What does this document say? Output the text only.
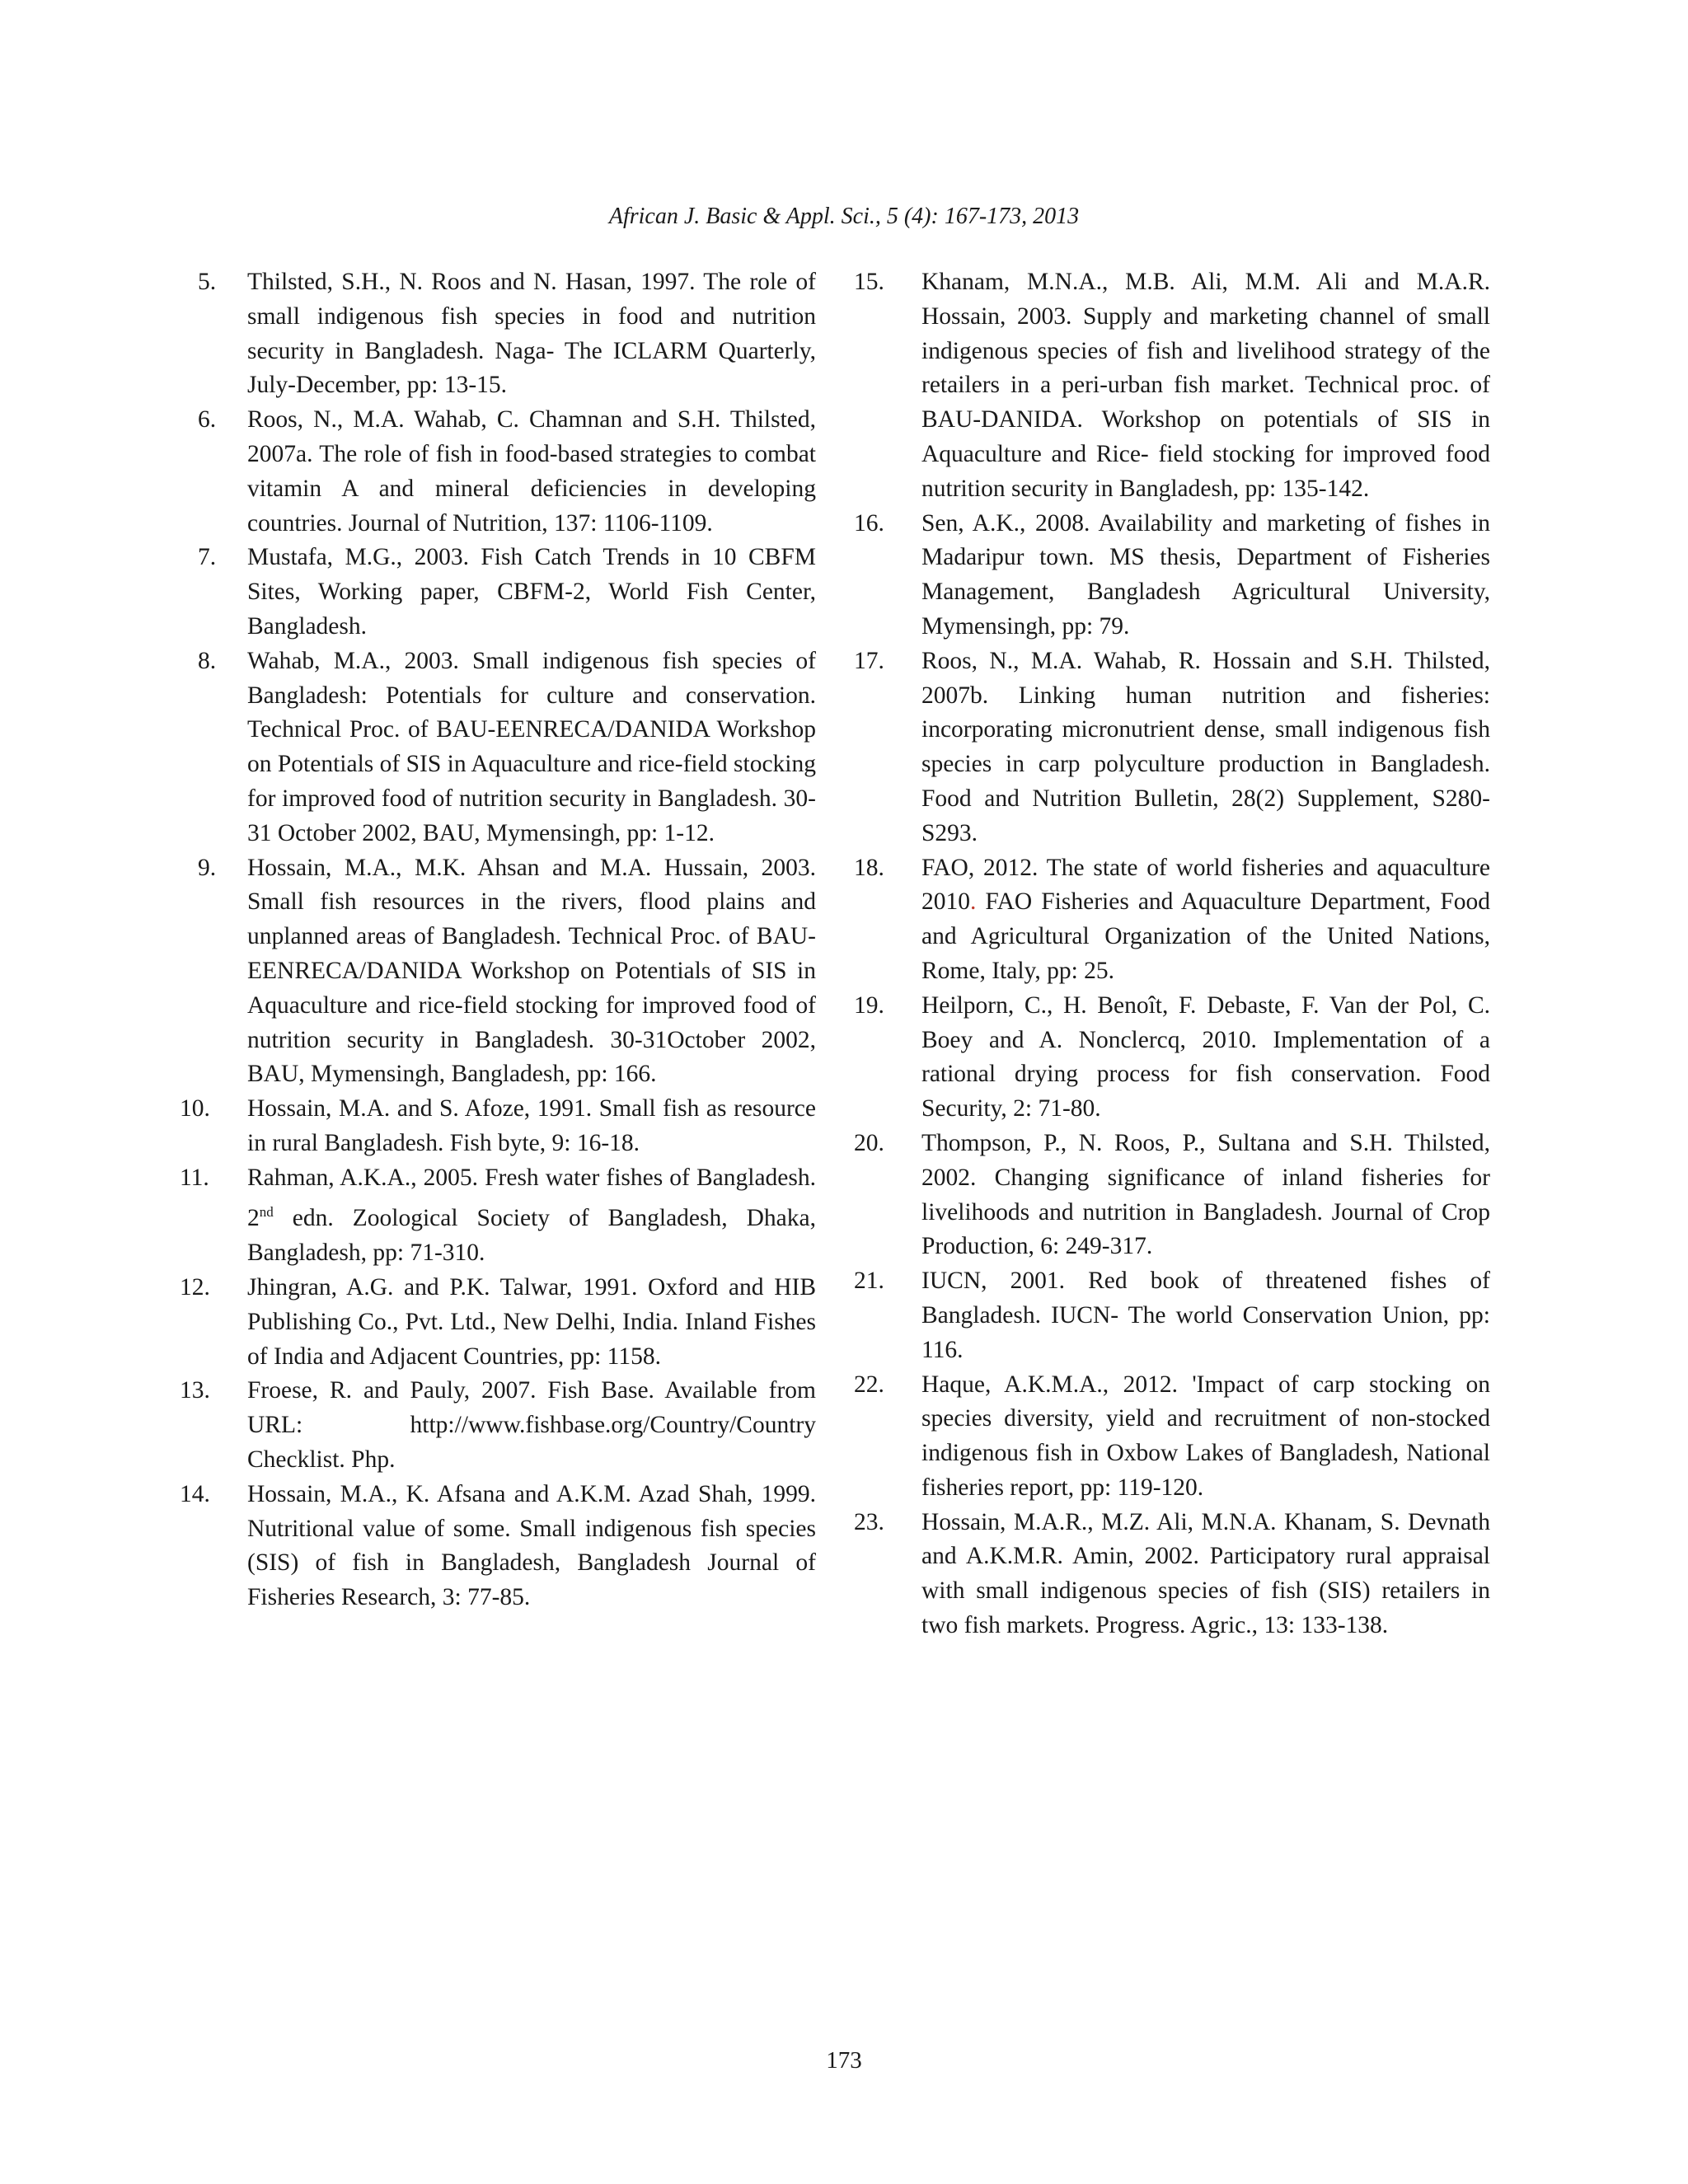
African J. Basic & Appl. Sci., 5 (4): 167-173, 2013
5. Thilsted, S.H., N. Roos and N. Hasan, 1997. The role of small indigenous fish species in food and nutrition security in Bangladesh. Naga- The ICLARM Quarterly, July-December, pp: 13-15.
6. Roos, N., M.A. Wahab, C. Chamnan and S.H. Thilsted, 2007a. The role of fish in food-based strategies to combat vitamin A and mineral deficiencies in developing countries. Journal of Nutrition, 137: 1106-1109.
7. Mustafa, M.G., 2003. Fish Catch Trends in 10 CBFM Sites, Working paper, CBFM-2, World Fish Center, Bangladesh.
8. Wahab, M.A., 2003. Small indigenous fish species of Bangladesh: Potentials for culture and conservation. Technical Proc. of BAU-EENRECA/DANIDA Workshop on Potentials of SIS in Aquaculture and rice-field stocking for improved food of nutrition security in Bangladesh. 30-31 October 2002, BAU, Mymensingh, pp: 1-12.
9. Hossain, M.A., M.K. Ahsan and M.A. Hussain, 2003. Small fish resources in the rivers, flood plains and unplanned areas of Bangladesh. Technical Proc. of BAU-EENRECA/DANIDA Workshop on Potentials of SIS in Aquaculture and rice-field stocking for improved food of nutrition security in Bangladesh. 30-31October 2002, BAU, Mymensingh, Bangladesh, pp: 166.
10. Hossain, M.A. and S. Afoze, 1991. Small fish as resource in rural Bangladesh. Fish byte, 9: 16-18.
11. Rahman, A.K.A., 2005. Fresh water fishes of Bangladesh. 2nd edn. Zoological Society of Bangladesh, Dhaka, Bangladesh, pp: 71-310.
12. Jhingran, A.G. and P.K. Talwar, 1991. Oxford and HIB Publishing Co., Pvt. Ltd., New Delhi, India. Inland Fishes of India and Adjacent Countries, pp: 1158.
13. Froese, R. and Pauly, 2007. Fish Base. Available from URL: http://www.fishbase.org/Country/Country Checklist. Php.
14. Hossain, M.A., K. Afsana and A.K.M. Azad Shah, 1999. Nutritional value of some. Small indigenous fish species (SIS) of fish in Bangladesh, Bangladesh Journal of Fisheries Research, 3: 77-85.
15. Khanam, M.N.A., M.B. Ali, M.M. Ali and M.A.R. Hossain, 2003. Supply and marketing channel of small indigenous species of fish and livelihood strategy of the retailers in a peri-urban fish market. Technical proc. of BAU-DANIDA. Workshop on potentials of SIS in Aquaculture and Rice- field stocking for improved food nutrition security in Bangladesh, pp: 135-142.
16. Sen, A.K., 2008. Availability and marketing of fishes in Madaripur town. MS thesis, Department of Fisheries Management, Bangladesh Agricultural University, Mymensingh, pp: 79.
17. Roos, N., M.A. Wahab, R. Hossain and S.H. Thilsted, 2007b. Linking human nutrition and fisheries: incorporating micronutrient dense, small indigenous fish species in carp polyculture production in Bangladesh. Food and Nutrition Bulletin, 28(2) Supplement, S280-S293.
18. FAO, 2012. The state of world fisheries and aquaculture 2010. FAO Fisheries and Aquaculture Department, Food and Agricultural Organization of the United Nations, Rome, Italy, pp: 25.
19. Heilporn, C., H. Benoît, F. Debaste, F. Van der Pol, C. Boey and A. Nonclercq, 2010. Implementation of a rational drying process for fish conservation. Food Security, 2: 71-80.
20. Thompson, P., N. Roos, P., Sultana and S.H. Thilsted, 2002. Changing significance of inland fisheries for livelihoods and nutrition in Bangladesh. Journal of Crop Production, 6: 249-317.
21. IUCN, 2001. Red book of threatened fishes of Bangladesh. IUCN- The world Conservation Union, pp: 116.
22. Haque, A.K.M.A., 2012. 'Impact of carp stocking on species diversity, yield and recruitment of non-stocked indigenous fish in Oxbow Lakes of Bangladesh, National fisheries report, pp: 119-120.
23. Hossain, M.A.R., M.Z. Ali, M.N.A. Khanam, S. Devnath and A.K.M.R. Amin, 2002. Participatory rural appraisal with small indigenous species of fish (SIS) retailers in two fish markets. Progress. Agric., 13: 133-138.
173
